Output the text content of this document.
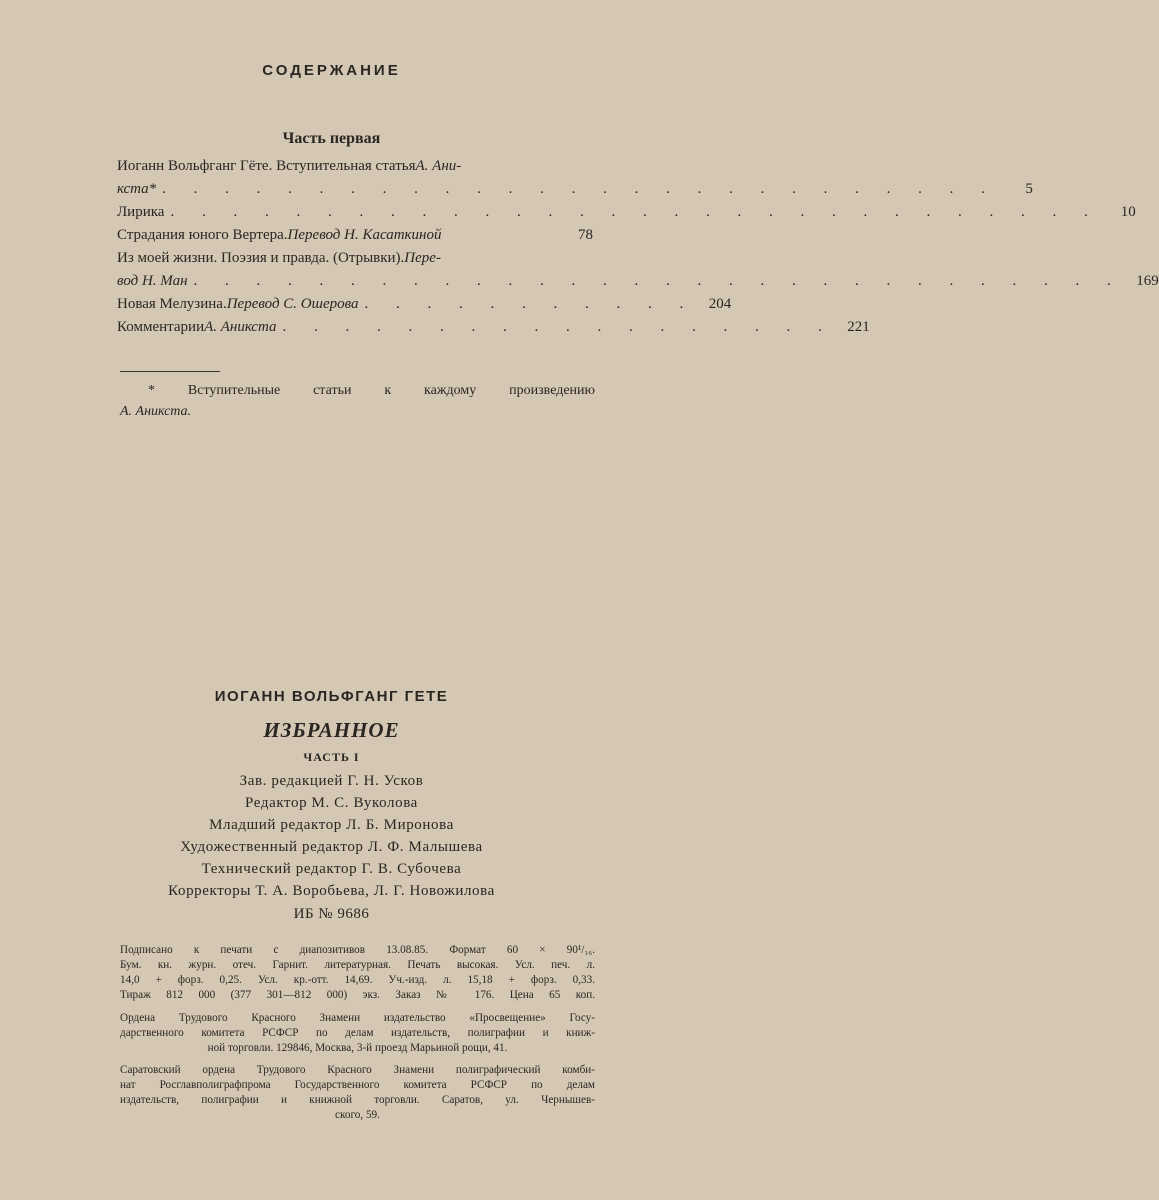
СОДЕРЖАНИЕ
Часть первая
Иоганн Вольфганг Гёте. Вступительная статья А. Ани-
кста * . . . . . . . . . . . . . . . . . . . . . . . . . . .	5
Лирика . . . . . . . . . . . . . . . . . . . . . . . . . . . . . .	10
Страдания юного Вертера. Перевод Н. Касаткиной	78
Из моей жизни. Поэзия и правда. (Отрывки). Пере-
вод Н. Ман . . . . . . . . . . . . . . . . . . . . . . . . . . . . . . 169
Новая Мелузина. Перевод С. Ошерова . . . . . . . . . . . 204
Комментарии А. Аникста . . . . . . . . . . . . . . . . . . 221
* Вступительные статьи к каждому произведению
А. Аникста.
ИОГАНН ВОЛЬФГАНГ ГЕТЕ
ИЗБРАННОЕ
ЧАСТЬ I
Зав. редакцией Г. Н. Усков
Редактор М. С. Вуколова
Младший редактор Л. Б. Миронова
Художественный редактор Л. Ф. Малышева
Технический редактор Г. В. Субочева
Корректоры Т. А. Воробьева, Л. Г. Новожилова
ИБ № 9686
Подписано к печати с диапозитивов 13.08.85. Формат 60 × 90¹/₁₆.
Бум. кн. журн. отеч. Гарнит. литературная. Печать высокая. Усл. печ. л.
14,0 + форз. 0,25. Усл. кр.-отт. 14,69. Уч.-изд. л. 15,18 + форз. 0,33.
Тираж 812 000 (377 301—812 000) экз. Заказ № 176. Цена 65 коп.
Ордена Трудового Красного Знамени издательство «Просвещение» Госу-
дарственного комитета РСФСР по делам издательств, полиграфии и книж-
ной торговли. 129846, Москва, 3-й проезд Марьиной рощи, 41.
Саратовский ордена Трудового Красного Знамени полиграфический комби-
нат Росглавполиграфпрома Государственного комитета РСФСР по делам
издательств, полиграфии и книжной торговли. Саратов, ул. Чернышев-
ского, 59.
